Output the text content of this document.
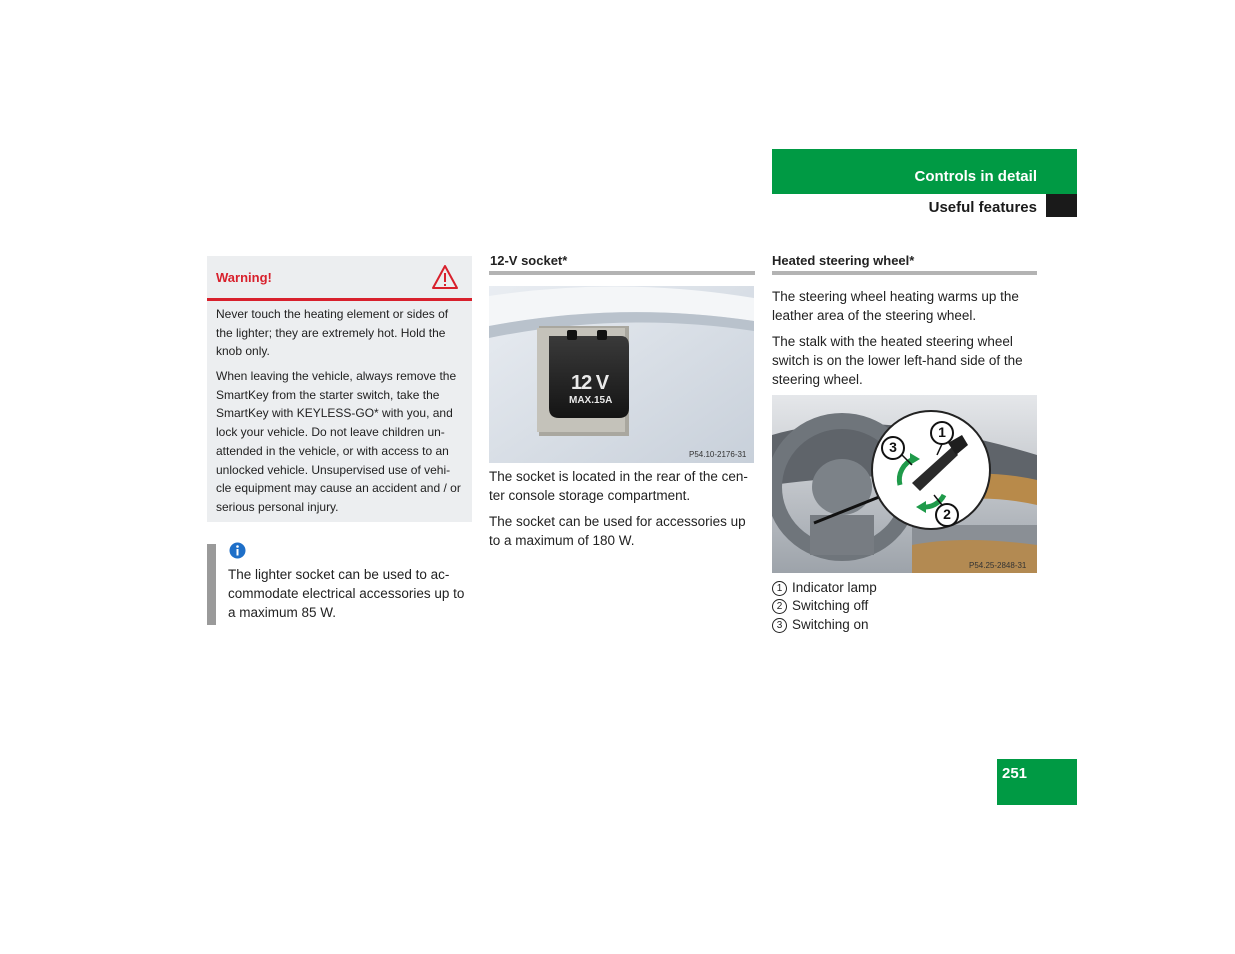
Controls in detail
Useful features
Warning!
Never touch the heating element or sides of the lighter; they are extremely hot. Hold the knob only.
When leaving the vehicle, always remove the SmartKey from the starter switch, take the SmartKey with KEYLESS-GO* with you, and lock your vehicle. Do not leave children un-attended in the vehicle, or with access to an unlocked vehicle. Unsupervised use of vehi-cle equipment may cause an accident and / or serious personal injury.
The lighter socket can be used to ac-commodate electrical accessories up to a maximum 85 W.
12-V socket*
12 V
MAX.15A
P54.10-2176-31
The socket is located in the rear of the cen-ter console storage compartment.
The socket can be used for accessories up to a maximum of 180 W.
Heated steering wheel*
The steering wheel heating warms up the leather area of the steering wheel.
The stalk with the heated steering wheel switch is on the lower left-hand side of the steering wheel.
1
2
3
P54.25-2848-31
1 Indicator lamp
2 Switching off
3 Switching on
251
